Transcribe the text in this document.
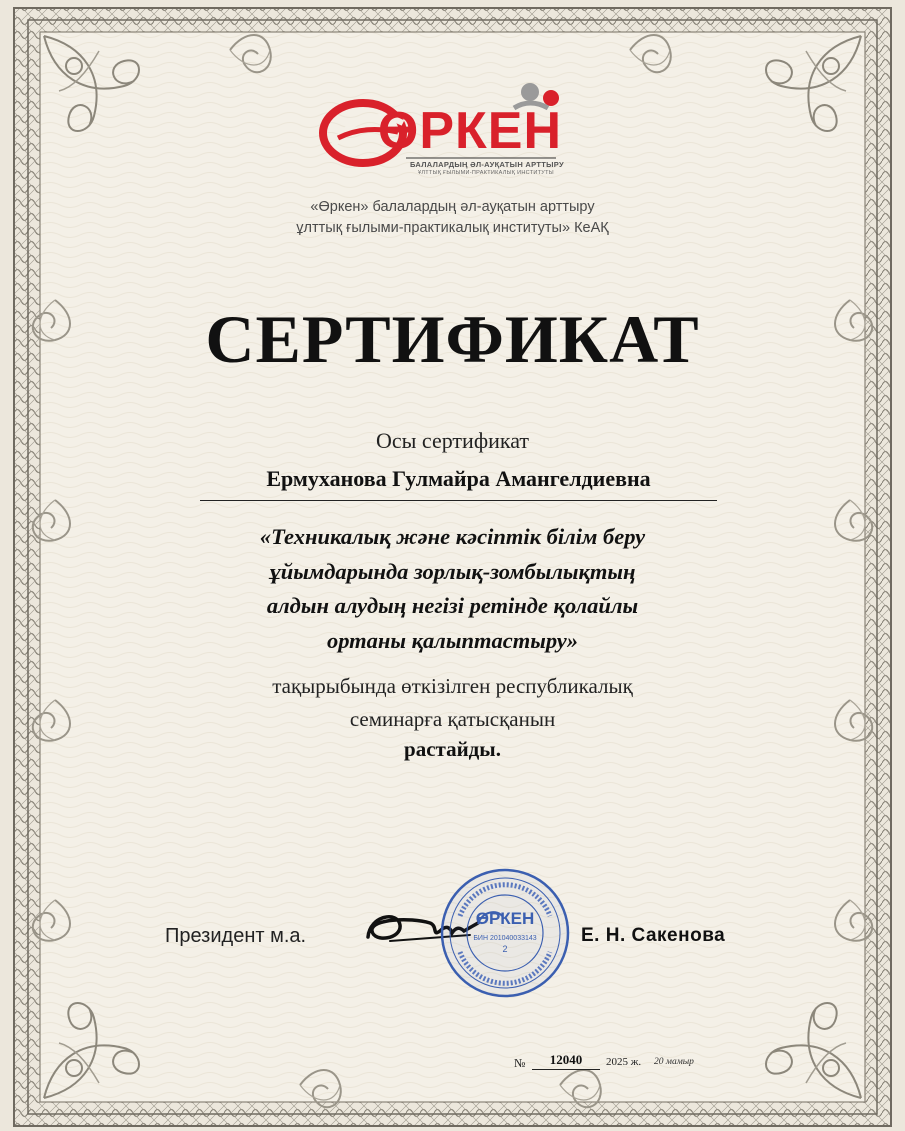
ӨРКЕН
БАЛАЛАРДЫҢ ӘЛ-АУҚАТЫН АРТТЫРУ
ҰЛТТЫҚ ҒЫЛЫМИ-ПРАКТИКАЛЫҚ ИНСТИТУТЫ
«Өркен» балалардың әл-ауқатын арттыру
ұлттық ғылыми-практикалық институты» КеАҚ
СЕРТИФИКАТ
Осы сертификат
Ермуханова Гулмайра Амангелдиевна
«Техникалық және кәсіптік білім беру
ұйымдарында зорлық-зомбылықтың
алдын алудың негізі ретінде қолайлы
ортаны қалыптастыру»
тақырыбында өткізілген республикалық
семинарға қатысқанын
растайды.
Президент м.а.
ӨРКЕН
БИН 201040033143
2
Е. Н. Сакенова
№	12040	2025 ж. 20 мамыр
